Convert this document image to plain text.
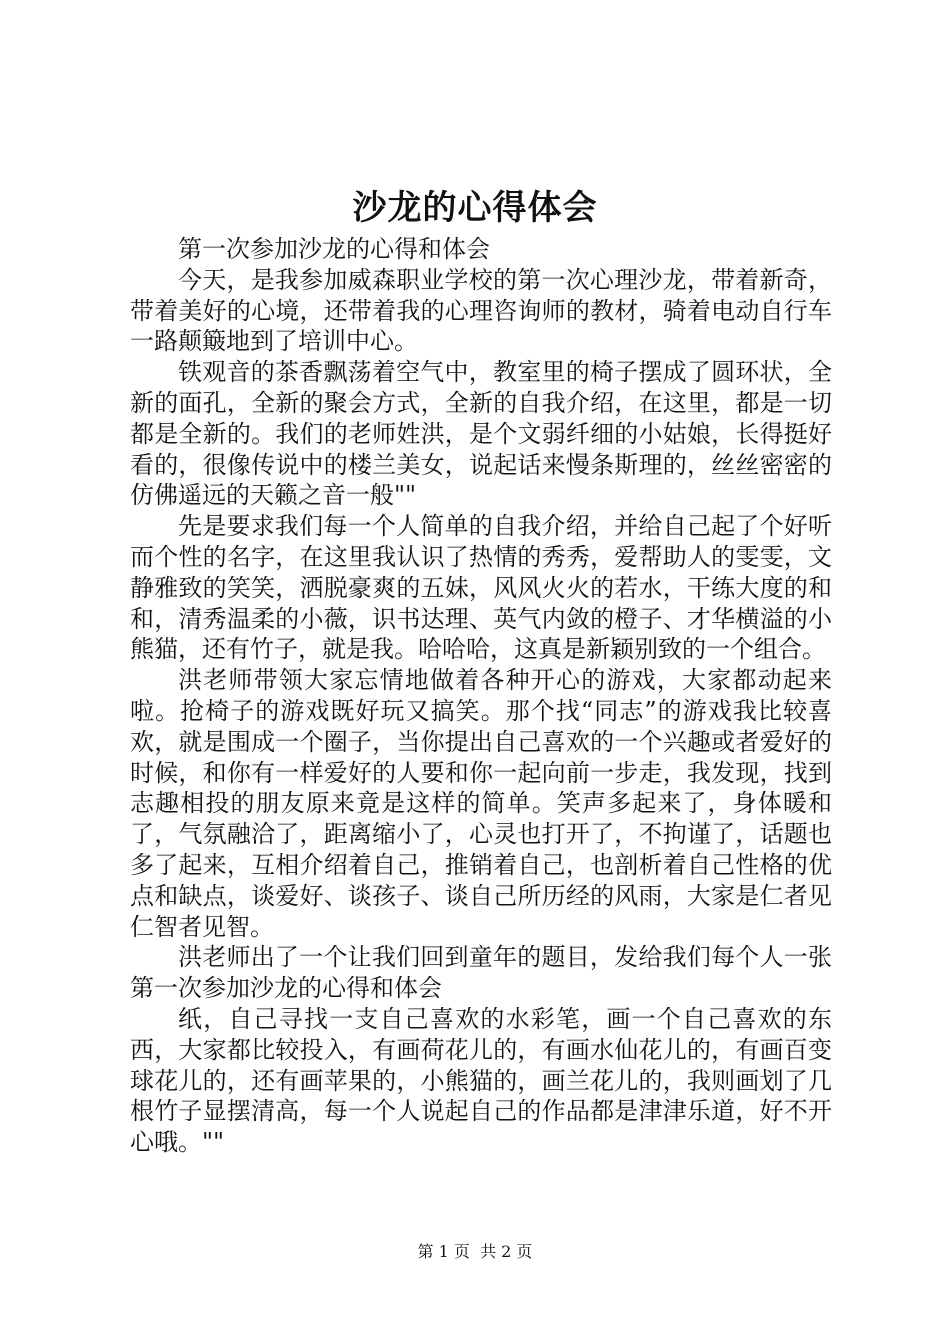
沙龙的心得体会

第一次参加沙龙的心得和体会

今天，是我参加威森职业学校的第一次心理沙龙，带着新奇，带着美好的心境，还带着我的心理咨询师的教材，骑着电动自行车一路颠簸地到了培训中心。

铁观音的茶香飘荡着空气中，教室里的椅子摆成了圆环状，全新的面孔，全新的聚会方式，全新的自我介绍，在这里，都是一切都是全新的。我们的老师姓洪，是个文弱纤细的小姑娘，长得挺好看的，很像传说中的楼兰美女，说起话来慢条斯理的，丝丝密密的仿佛遥远的天籁之音一般""

先是要求我们每一个人简单的自我介绍，并给自己起了个好听而个性的名字，在这里我认识了热情的秀秀，爱帮助人的雯雯，文静雅致的笑笑，洒脱豪爽的五妹，风风火火的若水，干练大度的和和，清秀温柔的小薇，识书达理、英气内敛的橙子、才华横溢的小熊猫，还有竹子，就是我。哈哈哈，这真是新颖别致的一个组合。

洪老师带领大家忘情地做着各种开心的游戏，大家都动起来啦。抢椅子的游戏既好玩又搞笑。那个找“同志”的游戏我比较喜欢，就是围成一个圈子，当你提出自己喜欢的一个兴趣或者爱好的时候，和你有一样爱好的人要和你一起向前一步走，我发现，找到志趣相投的朋友原来竟是这样的简单。笑声多起来了，身体暖和了，气氛融洽了，距离缩小了，心灵也打开了，不拘谨了，话题也多了起来，互相介绍着自己，推销着自己，也剖析着自己性格的优点和缺点，谈爱好、谈孩子、谈自己所历经的风雨，大家是仁者见仁智者见智。

洪老师出了一个让我们回到童年的题目，发给我们每个人一张第一次参加沙龙的心得和体会

纸，自己寻找一支自己喜欢的水彩笔，画一个自己喜欢的东西，大家都比较投入，有画荷花儿的，有画水仙花儿的，有画百变球花儿的，还有画苹果的，小熊猫的，画兰花儿的，我则画划了几根竹子显摆清高，每一个人说起自己的作品都是津津乐道，好不开心哦。""

第 1 页  共 2 页
